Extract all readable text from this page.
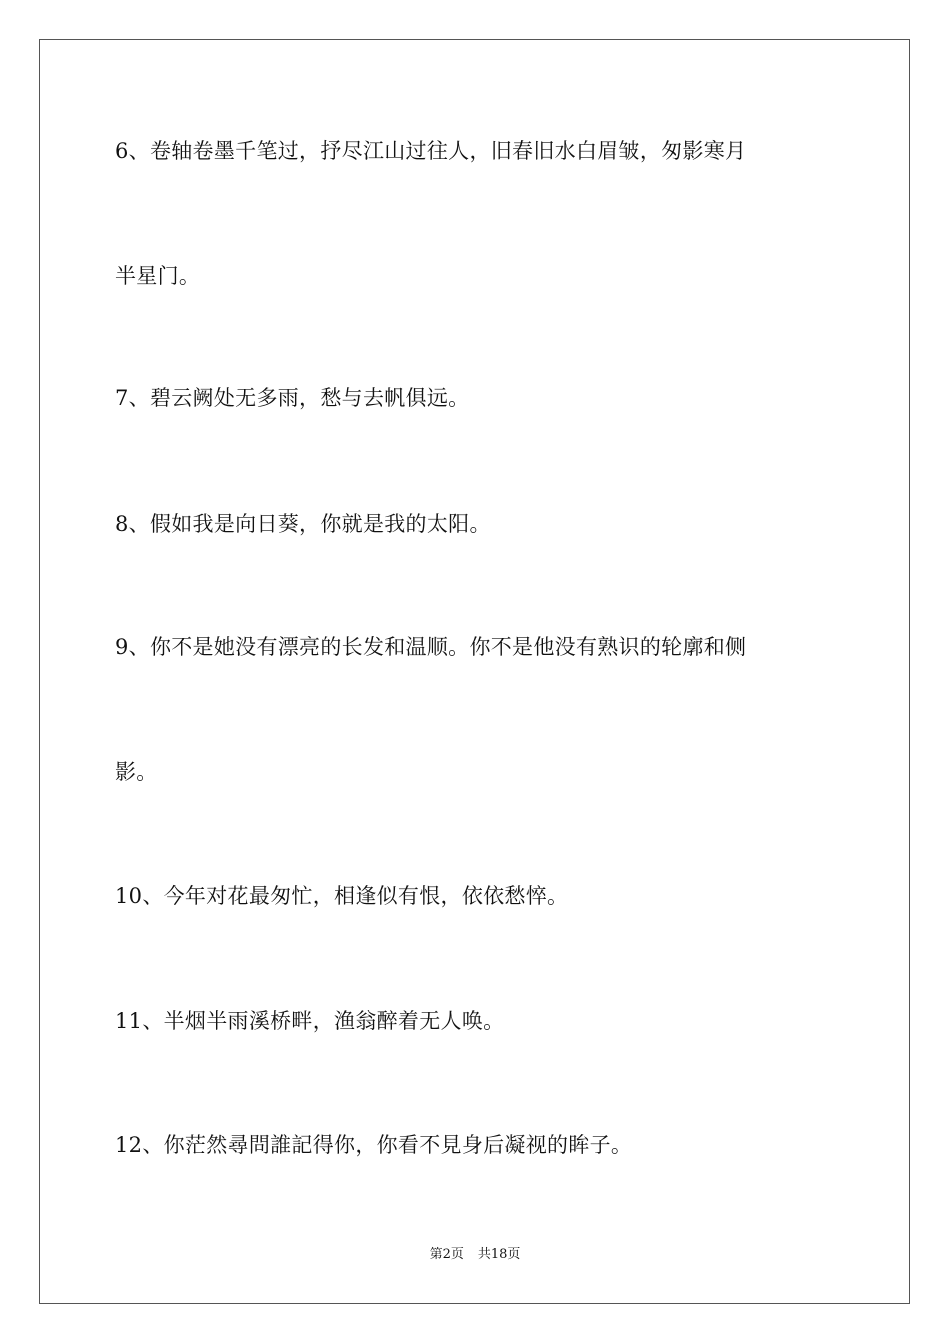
6、卷轴卷墨千笔过，抒尽江山过往人，旧春旧水白眉皱，匆影寒月
半星门。
7、碧云阙处无多雨，愁与去帆俱远。
8、假如我是向日葵，你就是我的太阳。
9、你不是她没有漂亮的长发和温顺。你不是他没有熟识的轮廓和侧
影。
10、今年对花最匆忙，相逢似有恨，依依愁悴。
11、半烟半雨溪桥畔，渔翁醉着无人唤。
12、你茫然尋問誰記得你，你看不見身后凝视的眸子。
第2页 共18页
